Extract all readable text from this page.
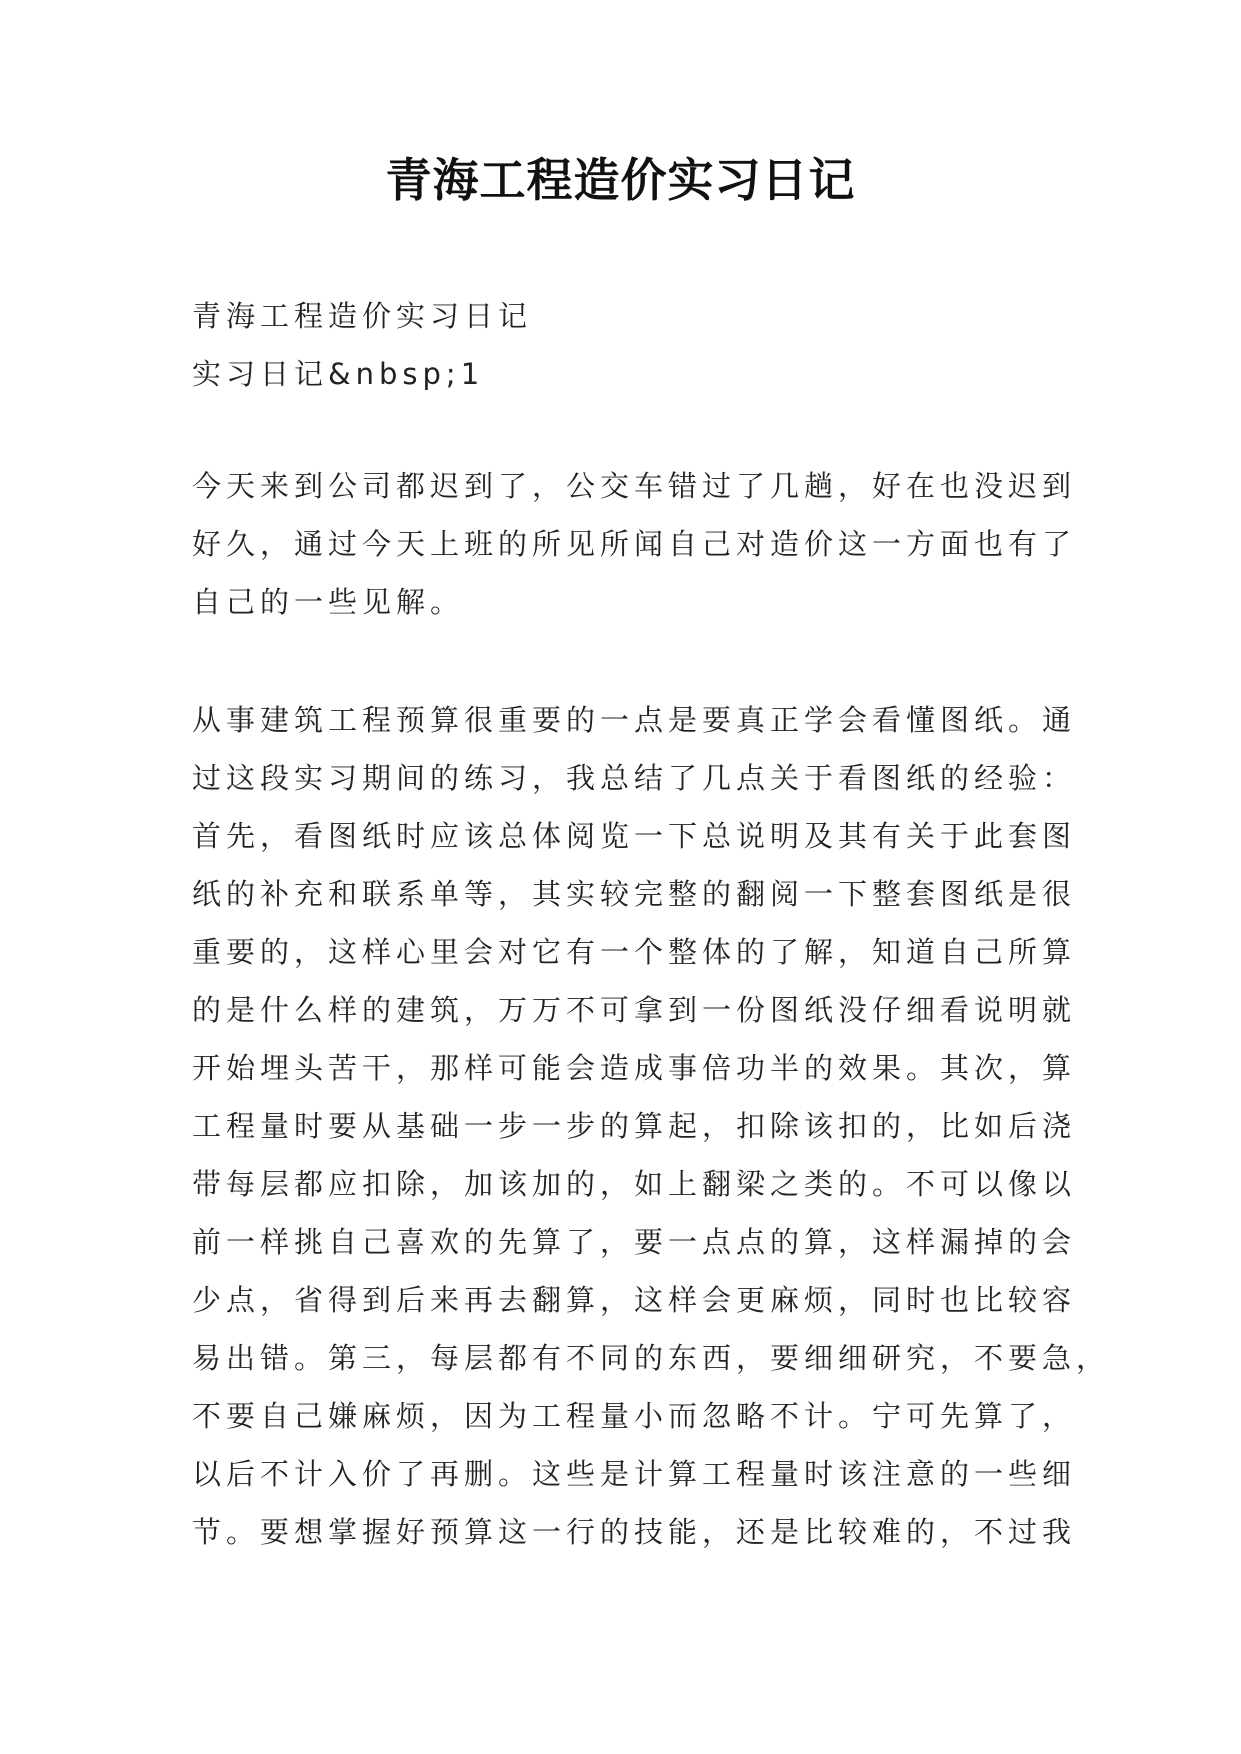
青海工程造价实习日记
青海工程造价实习日记
实习日记&nbsp;1
今天来到公司都迟到了，公交车错过了几趟，好在也没迟到
好久，通过今天上班的所见所闻自己对造价这一方面也有了
自己的一些见解。
从事建筑工程预算很重要的一点是要真正学会看懂图纸。通
过这段实习期间的练习，我总结了几点关于看图纸的经验：
首先，看图纸时应该总体阅览一下总说明及其有关于此套图
纸的补充和联系单等，其实较完整的翻阅一下整套图纸是很
重要的，这样心里会对它有一个整体的了解，知道自己所算
的是什么样的建筑，万万不可拿到一份图纸没仔细看说明就
开始埋头苦干，那样可能会造成事倍功半的效果。其次，算
工程量时要从基础一步一步的算起，扣除该扣的，比如后浇
带每层都应扣除，加该加的，如上翻梁之类的。不可以像以
前一样挑自己喜欢的先算了，要一点点的算，这样漏掉的会
少点，省得到后来再去翻算，这样会更麻烦，同时也比较容
易出错。第三，每层都有不同的东西，要细细研究，不要急，
不要自己嫌麻烦，因为工程量小而忽略不计。宁可先算了，
以后不计入价了再删。这些是计算工程量时该注意的一些细
节。要想掌握好预算这一行的技能，还是比较难的，不过我
